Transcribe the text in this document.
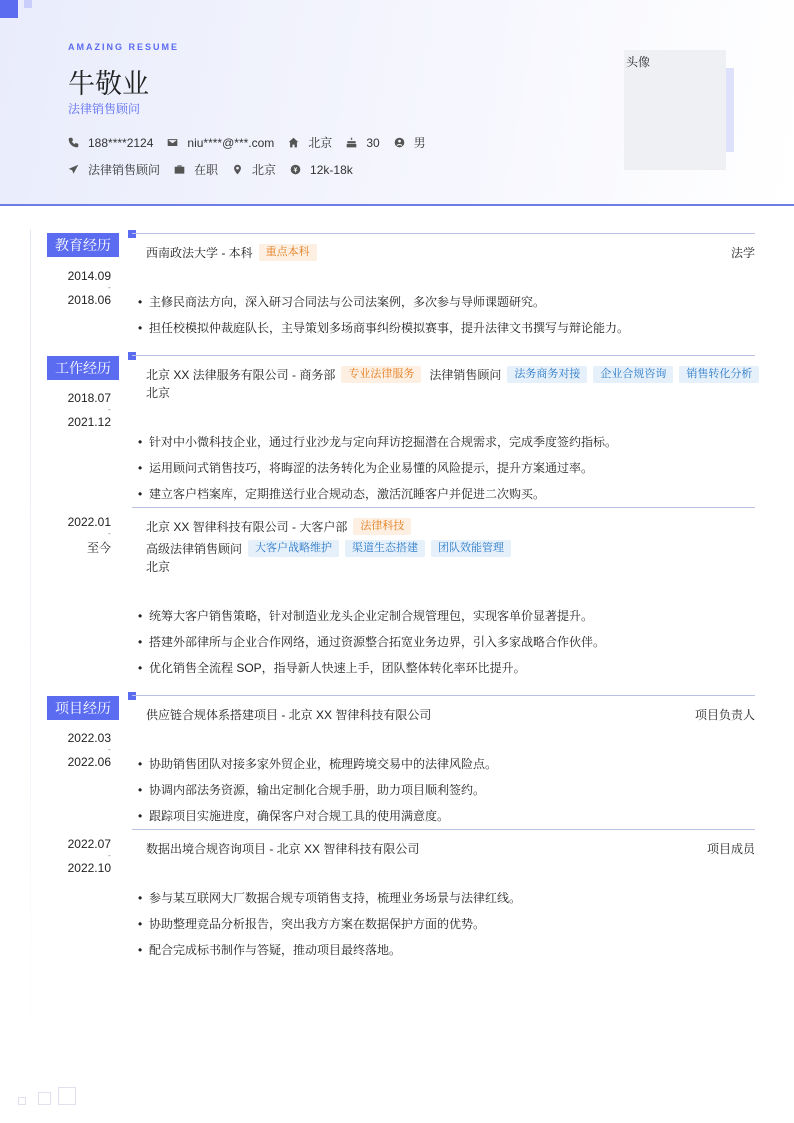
AMAZING RESUME
牛敬业
法律销售顾问
188****2124	niu****@***.com	北京	30	男
法律销售顾问	在职	北京	12k-18k
头像
教育经历	西南政法大学 - 本科	重点本科	法学
2014.09
-
2018.06	• 主修民商法方向，深入研习合同法与公司法案例，多次参与导师课题研究。
• 担任校模拟仲裁庭队长，主导策划多场商事纠纷模拟赛事，提升法律文书撰写与辩论能力。
工作经历	北京 XX 法律服务有限公司 - 商务部	专业法律服务	法律销售顾问	法务商务对接	企业合规咨询	销售转化分析
北京
2018.07
-
2021.12
• 针对中小微科技企业，通过行业沙龙与定向拜访挖掘潜在合规需求，完成季度签约指标。
• 运用顾问式销售技巧，将晦涩的法务转化为企业易懂的风险提示，提升方案通过率。
• 建立客户档案库，定期推送行业合规动态，激活沉睡客户并促进二次购买。
北京 XX 智律科技有限公司 - 大客户部	法律科技
高级法律销售顾问	大客户战略维护	渠道生态搭建	团队效能管理
北京
2022.01
-
至今
• 统筹大客户销售策略，针对制造业龙头企业定制合规管理包，实现客单价显著提升。
• 搭建外部律所与企业合作网络，通过资源整合拓宽业务边界，引入多家战略合作伙伴。
• 优化销售全流程 SOP，指导新人快速上手，团队整体转化率环比提升。
项目经历	供应链合规体系搭建项目 - 北京 XX 智律科技有限公司	项目负责人
2022.03
-
2022.06	• 协助销售团队对接多家外贸企业，梳理跨境交易中的法律风险点。
• 协调内部法务资源，输出定制化合规手册，助力项目顺利签约。
• 跟踪项目实施进度，确保客户对合规工具的使用满意度。
数据出境合规咨询项目 - 北京 XX 智律科技有限公司	项目成员
2022.07
-
2022.10
• 参与某互联网大厂数据合规专项销售支持，梳理业务场景与法律红线。
• 协助整理竞品分析报告，突出我方方案在数据保护方面的优势。
• 配合完成标书制作与答疑，推动项目最终落地。
